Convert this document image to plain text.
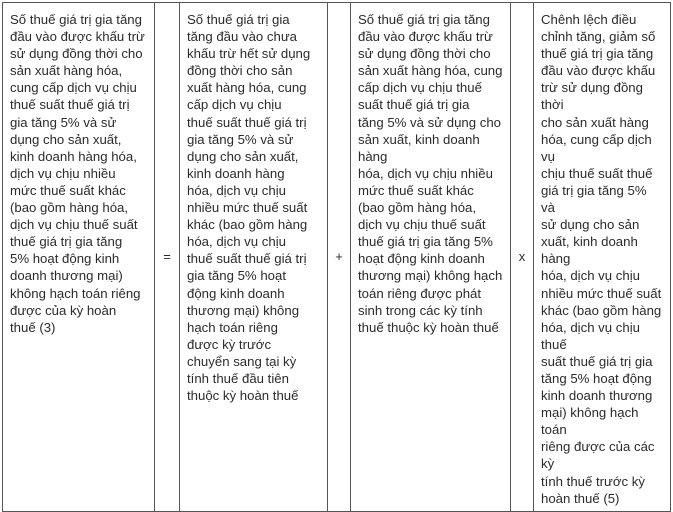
Số thuế giá trị gia tăng
đầu vào được khấu trừ
sử dụng đồng thời cho
sản xuất hàng hóa,
cung cấp dịch vụ chịu
thuế suất thuế giá trị
gia tăng 5% và sử
dụng cho sản xuất,
kinh doanh hàng hóa,
dịch vụ chịu nhiều
mức thuế suất khác
(bao gồm hàng hóa,
dịch vụ chịu thuế suất
thuế giá trị gia tăng
5% hoạt động kinh
doanh thương mại)
không hạch toán riêng
được của kỳ hoàn
thuế (3)	=	Số thuế giá trị gia
tăng đầu vào chưa
khấu trừ hết sử dụng
đồng thời cho sản
xuất hàng hóa, cung
cấp dịch vụ chịu
thuế suất thuế giá trị
gia tăng 5% và sử
dụng cho sản xuất,
kinh doanh hàng
hóa, dịch vụ chịu
nhiều mức thuế suất
khác (bao gồm hàng
hóa, dịch vụ chịu
thuế suất thuế giá trị
gia tăng 5% hoạt
động kinh doanh
thương mại) không
hạch toán riêng
được kỳ trước
chuyển sang tại kỳ
tính thuế đầu tiên
thuộc kỳ hoàn thuế	+	Số thuế giá trị gia tăng
đầu vào được khấu trừ
sử dụng đồng thời cho
sản xuất hàng hóa, cung
cấp dịch vụ chịu thuế
suất thuế giá trị gia
tăng 5% và sử dụng cho
sản xuất, kinh doanh hàng
hóa, dịch vụ chịu nhiều
mức thuế suất khác
(bao gồm hàng hóa,
dịch vụ chịu thuế suất
thuế giá trị gia tăng 5%
hoạt động kinh doanh
thương mại) không hạch
toán riêng được phát
sinh trong các kỳ tính
thuế thuộc kỳ hoàn thuế	x	Chênh lệch điều
chỉnh tăng, giảm số
thuế giá trị gia tăng
đầu vào được khấu
trừ sử dụng đồng thời
cho sản xuất hàng
hóa, cung cấp dịch vụ
chịu thuế suất thuế
giá trị gia tăng 5% và
sử dụng cho sản
xuất, kinh doanh hàng
hóa, dịch vụ chịu
nhiều mức thuế suất
khác (bao gồm hàng
hóa, dịch vụ chịu thuế
suất thuế giá trị gia
tăng 5% hoạt động
kinh doanh thương
mại) không hạch toán
riêng được của các kỳ
tính thuế trước kỳ
hoàn thuế (5)
